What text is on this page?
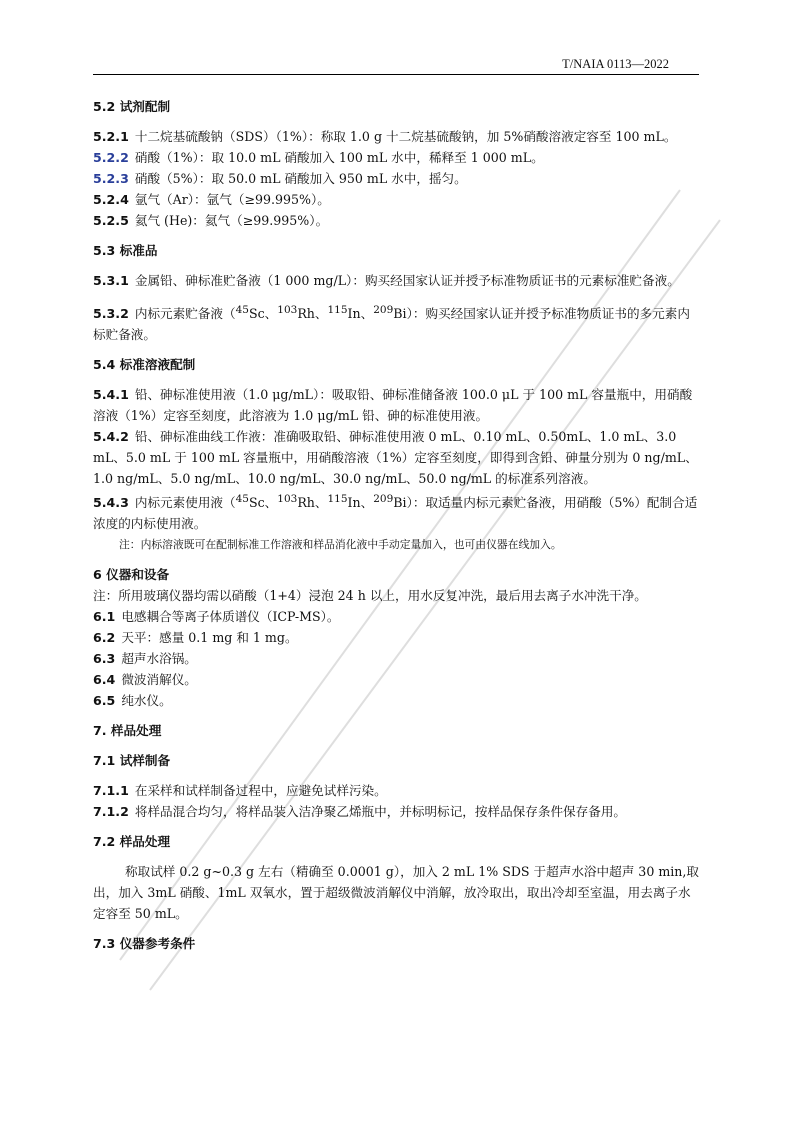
T/NAIA 0113—2022

5.2 试剂配制

5.2.1 十二烷基硫酸钠（SDS）（1%）：称取 1.0 g 十二烷基硫酸钠，加 5%硝酸溶液定容至 100 mL。

5.2.2 硝酸（1%）：取 10.0 mL 硝酸加入 100 mL 水中，稀释至 1 000 mL。

5.2.3 硝酸（5%）：取 50.0 mL 硝酸加入 950 mL 水中，摇匀。

5.2.4 氩气（Ar）：氩气（≥99.995%）。

5.2.5 氦气 (He)：氦气（≥99.995%）。

5.3 标准品

5.3.1 金属铅、砷标准贮备液（1 000 mg/L）：购买经国家认证并授予标准物质证书的元素标准贮备液。

5.3.2 内标元素贮备液（$^{45}$Sc、$^{103}$Rh、$^{115}$In、$^{209}$Bi）：购买经国家认证并授予标准物质证书的多元素内标贮备液。

5.4 标准溶液配制

5.4.1 铅、砷标准使用液（1.0 μg/mL）：吸取铅、砷标准储备液 100.0 μL 于 100 mL 容量瓶中，用硝酸溶液（1%）定容至刻度，此溶液为 1.0 μg/mL 铅、砷的标准使用液。

5.4.2 铅、砷标准曲线工作液：准确吸取铅、砷标准使用液 0 mL、0.10 mL、0.50mL、1.0 mL、3.0 mL、5.0 mL 于 100 mL 容量瓶中，用硝酸溶液（1%）定容至刻度，即得到含铅、砷量分别为 0 ng/mL、1.0 ng/mL、5.0 ng/mL、10.0 ng/mL、30.0 ng/mL、50.0 ng/mL 的标准系列溶液。

5.4.3 内标元素使用液（$^{45}$Sc、$^{103}$Rh、$^{115}$In、$^{209}$Bi）：取适量内标元素贮备液，用硝酸（5%）配制合适浓度的内标使用液。

注：内标溶液既可在配制标准工作溶液和样品消化液中手动定量加入，也可由仪器在线加入。

6 仪器和设备

注：所用玻璃仪器均需以硝酸（1+4）浸泡 24 h 以上，用水反复冲洗，最后用去离子水冲洗干净。

6.1 电感耦合等离子体质谱仪（ICP-MS）。

6.2 天平：感量 0.1 mg 和 1 mg。

6.3 超声水浴锅。

6.4 微波消解仪。

6.5 纯水仪。

7. 样品处理

7.1 试样制备

7.1.1 在采样和试样制备过程中，应避免试样污染。

7.1.2 将样品混合均匀，将样品装入洁净聚乙烯瓶中，并标明标记，按样品保存条件保存备用。

7.2 样品处理

称取试样 0.2 g~0.3 g 左右（精确至 0.0001 g），加入 2 mL 1% SDS 于超声水浴中超声 30 min,取出，加入 3mL 硝酸、1mL 双氧水，置于超级微波消解仪中消解，放冷取出，取出冷却至室温，用去离子水定容至 50 mL。

7.3 仪器参考条件
